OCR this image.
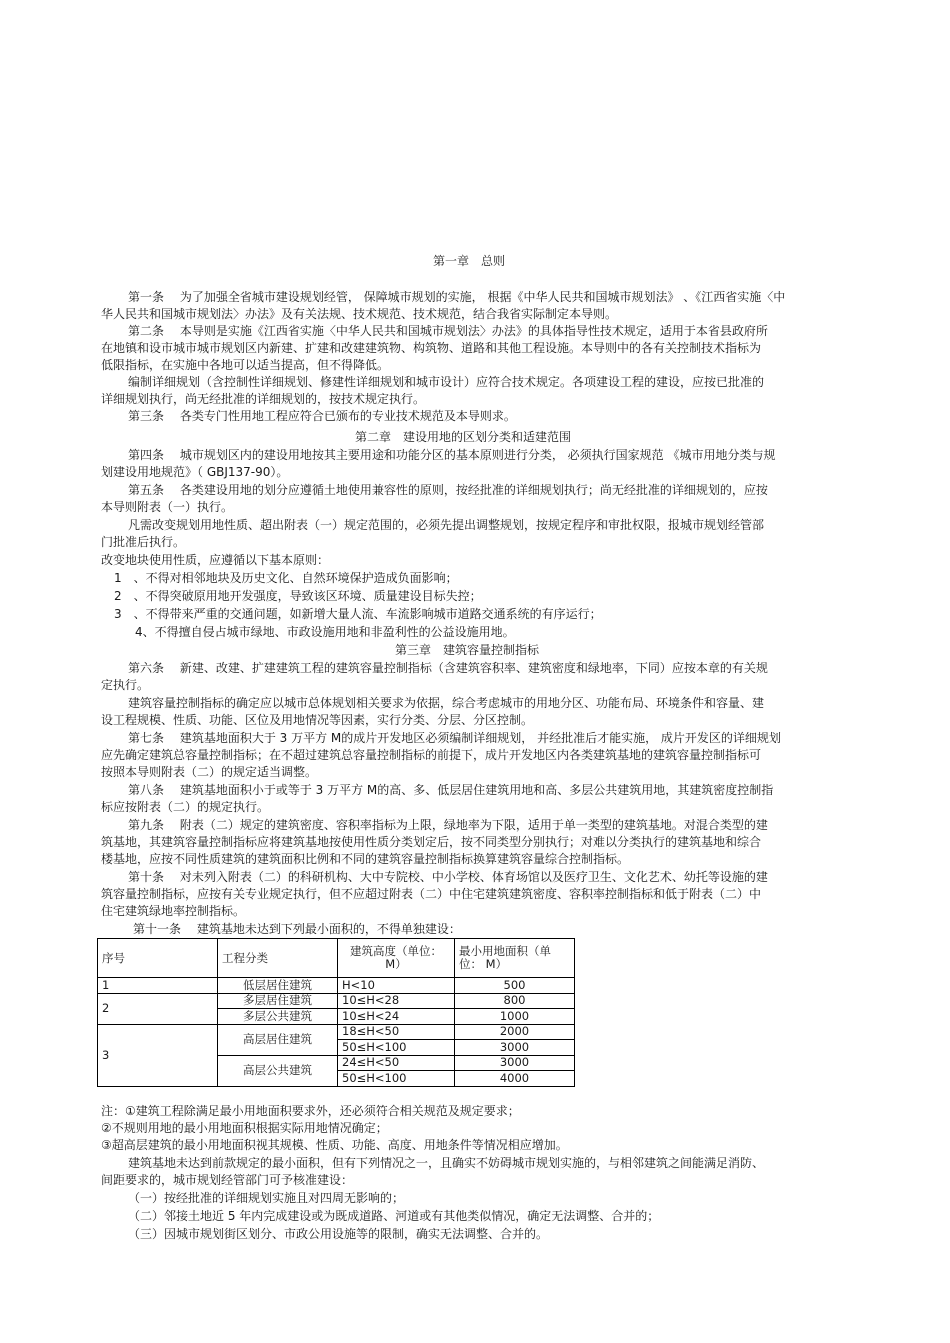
第一章　总则
第一条　 为了加强全省城市建设规划经管， 保障城市规划的实施， 根据《中华人民共和国城市规划法》 、《江西省实施〈中
华人民共和国城市规划法〉办法》及有关法规、技术规范、技术规范，结合我省实际制定本导则。
第二条　 本导则是实施《江西省实施〈中华人民共和国城市规划法〉办法》的具体指导性技术规定，适用于本省县政府所
在地镇和设市城市城市规划区内新建、扩建和改建建筑物、构筑物、道路和其他工程设施。本导则中的各有关控制技术指标为
低限指标，在实施中各地可以适当提高，但不得降低。
编制详细规划（含控制性详细规划、修建性详细规划和城市设计）应符合技术规定。各项建设工程的建设，应按已批准的
详细规划执行，尚无经批准的详细规划的，按技术规定执行。
第三条　 各类专门性用地工程应符合已颁布的专业技术规范及本导则求。
第二章　建设用地的区划分类和适建范围
第四条　 城市规划区内的建设用地按其主要用途和功能分区的基本原则进行分类， 必须执行国家规范 《城市用地分类与规
划建设用地规范》（ GBJ137-90）。
第五条　 各类建设用地的划分应遵循土地使用兼容性的原则，按经批准的详细规划执行；尚无经批准的详细规划的，应按
本导则附表（一）执行。
凡需改变规划用地性质、超出附表（一）规定范围的，必须先提出调整规划，按规定程序和审批权限，报城市规划经管部
门批准后执行。
改变地块使用性质，应遵循以下基本原则：
1　、不得对相邻地块及历史文化、自然环境保护造成负面影响；
2　、不得突破原用地开发强度，导致该区环境、质量建设目标失控；
3　、不得带来严重的交通问题，如新增大量人流、车流影响城市道路交通系统的有序运行；
4、不得擅自侵占城市绿地、市政设施用地和非盈利性的公益设施用地。
第三章　建筑容量控制指标
第六条　 新建、改建、扩建建筑工程的建筑容量控制指标（含建筑容积率、建筑密度和绿地率，下同）应按本章的有关规
定执行。
建筑容量控制指标的确定应以城市总体规划相关要求为依据，综合考虑城市的用地分区、功能布局、环境条件和容量、建
设工程规模、性质、功能、区位及用地情况等因素，实行分类、分层、分区控制。
第七条　 建筑基地面积大于 3 万平方 M的成片开发地区必须编制详细规划， 并经批准后才能实施， 成片开发区的详细规划
应先确定建筑总容量控制指标；在不超过建筑总容量控制指标的前提下，成片开发地区内各类建筑基地的建筑容量控制指标可
按照本导则附表（二）的规定适当调整。
第八条　 建筑基地面积小于或等于 3 万平方 M的高、多、低层居住建筑用地和高、多层公共建筑用地，其建筑密度控制指
标应按附表（二）的规定执行。
第九条　 附表（二）规定的建筑密度、容积率指标为上限，绿地率为下限，适用于单一类型的建筑基地。对混合类型的建
筑基地，其建筑容量控制指标应将建筑基地按使用性质分类划定后，按不同类型分别执行；对难以分类执行的建筑基地和综合
楼基地，应按不同性质建筑的建筑面积比例和不同的建筑容量控制指标换算建筑容量综合控制指标。
第十条　 对未列入附表（二）的科研机构、大中专院校、中小学校、体育场馆以及医疗卫生、文化艺术、幼托等设施的建
筑容量控制指标，应按有关专业规定执行，但不应超过附表（二）中住宅建筑建筑密度、容积率控制指标和低于附表（二）中
住宅建筑绿地率控制指标。
第十一条　 建筑基地未达到下列最小面积的，不得单独建设：
序号	工程分类	建筑高度（单位： M）	最小用地面积（单位： M）
1	低层居住建筑	H<10	500
2	多层居住建筑	10≤H<28	800
	多层公共建筑	10≤H<24	1000
3	高层居住建筑	18≤H<50	2000
		50≤H<100	3000
	高层公共建筑	24≤H<50	3000
		50≤H<100	4000
注：①建筑工程除满足最小用地面积要求外，还必须符合相关规范及规定要求；
②不规则用地的最小用地面积根据实际用地情况确定；
③超高层建筑的最小用地面积视其规模、性质、功能、高度、用地条件等情况相应增加。
建筑基地未达到前款规定的最小面积，但有下列情况之一，且确实不妨碍城市规划实施的，与相邻建筑之间能满足消防、
间距要求的，城市规划经管部门可予核准建设：
（一）按经批准的详细规划实施且对四周无影响的；
（二）邻接土地近 5 年内完成建设或为既成道路、河道或有其他类似情况，确定无法调整、合并的；
（三）因城市规划街区划分、市政公用设施等的限制，确实无法调整、合并的。
